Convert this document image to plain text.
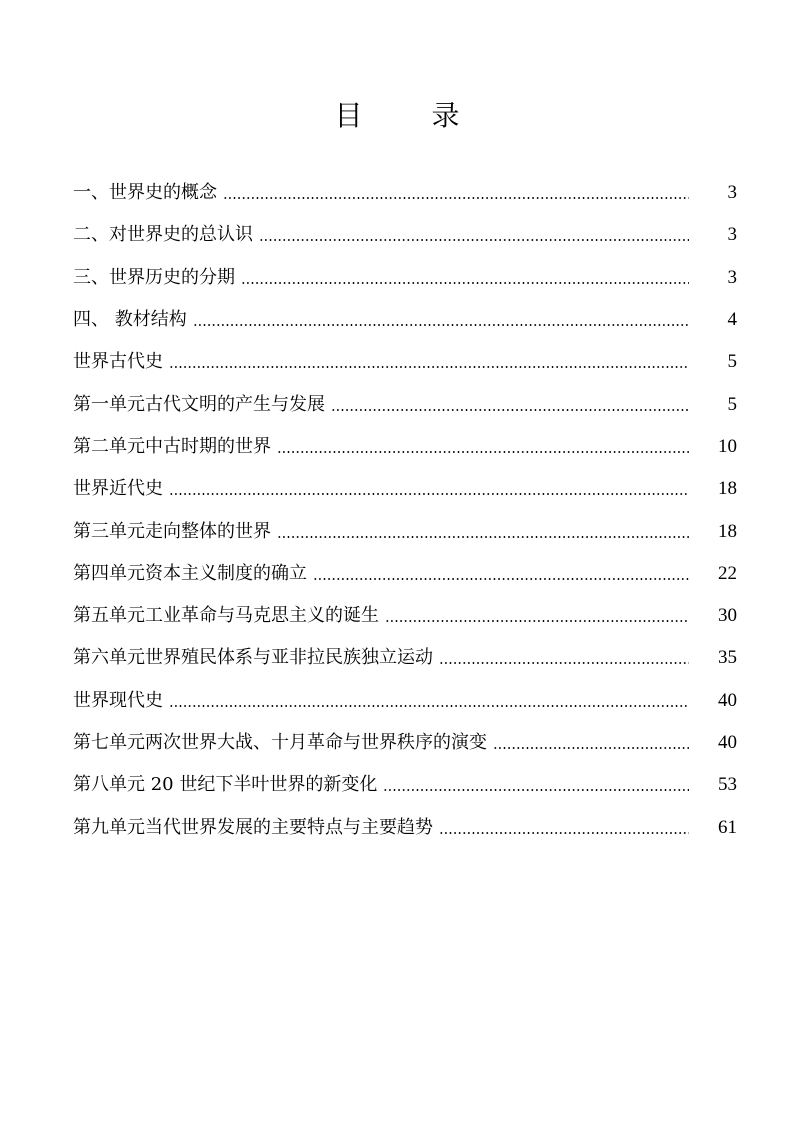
目 录
一、世界史的概念	3
二、对世界史的总认识	3
三、世界历史的分期	3
四、 教材结构	4
世界古代史	5
第一单元古代文明的产生与发展	5
第二单元中古时期的世界	10
世界近代史	18
第三单元走向整体的世界	18
第四单元资本主义制度的确立	22
第五单元工业革命与马克思主义的诞生	30
第六单元世界殖民体系与亚非拉民族独立运动	35
世界现代史	40
第七单元两次世界大战、十月革命与世界秩序的演变	40
第八单元 20 世纪下半叶世界的新变化	53
第九单元当代世界发展的主要特点与主要趋势	61
